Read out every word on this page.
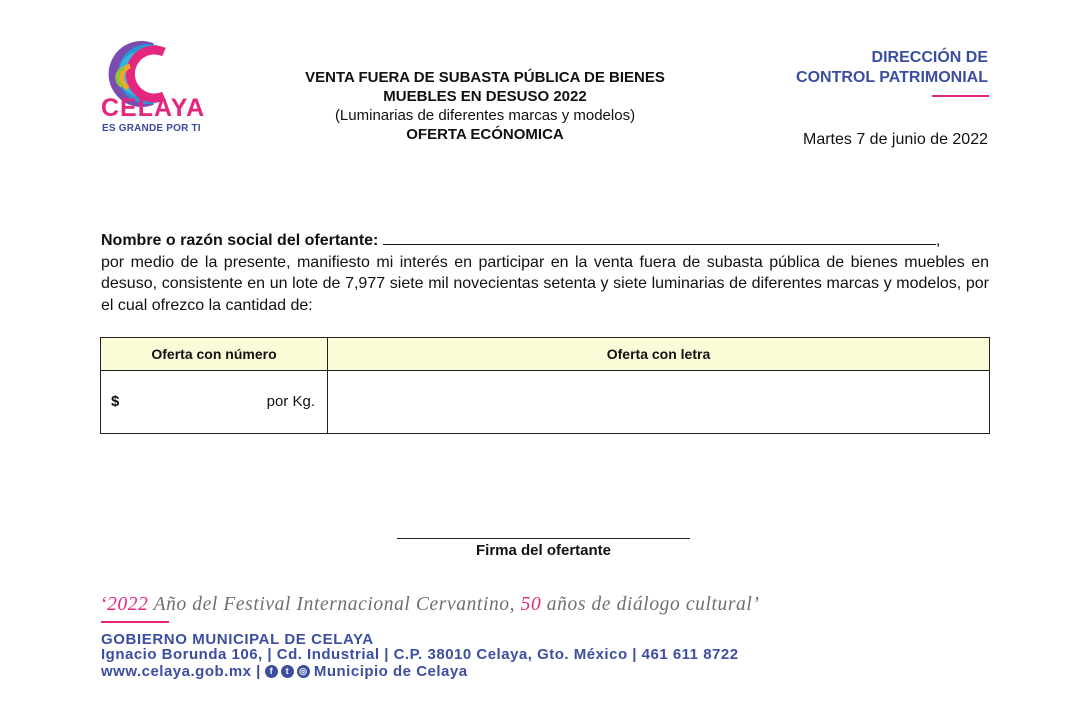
CELAYA
ES GRANDE POR TI
VENTA FUERA DE SUBASTA PÚBLICA DE BIENES
MUEBLES EN DESUSO 2022
(Luminarias de diferentes marcas y modelos)
OFERTA ECÓNOMICA
DIRECCIÓN DE
CONTROL PATRIMONIAL
Martes 7 de junio de 2022
Nombre o razón social del ofertante:	,
por medio de la presente, manifiesto mi interés en participar en la venta fuera de subasta pública de bienes muebles en desuso, consistente en un lote de 7,977 siete mil novecientas setenta y siete luminarias de diferentes marcas y modelos, por el cual ofrezco la cantidad de:
Oferta con número	Oferta con letra

$ por Kg.	

Firma del ofertante
‘2022 Año del Festival Internacional Cervantino, 50 años de diálogo cultural’
GOBIERNO MUNICIPAL DE CELAYA
Ignacio Borunda 106, | Cd. Industrial | C.P. 38010 Celaya, Gto. México | 461 611 8722
www.celaya.gob.mx | f	t	◎ Municipio de Celaya
